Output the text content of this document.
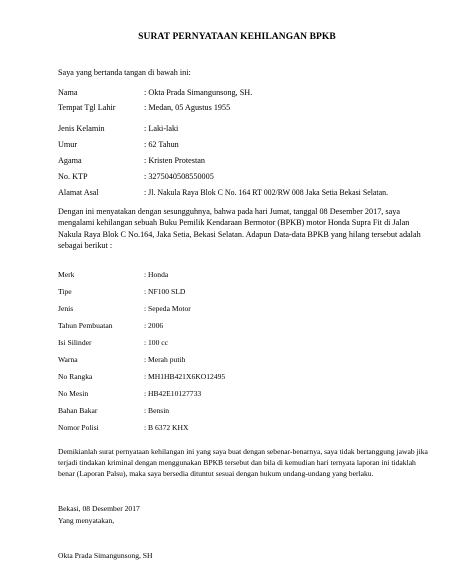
SURAT PERNYATAAN KEHILANGAN BPKB
Saya yang bertanda tangan di bawah ini:
Nama	: Okta Prada Simangunsong, SH.
Tempat Tgl Lahir	: Medan, 05 Agustus 1955
Jenis Kelamin	: Laki-laki
Umur	: 62 Tahun
Agama	: Kristen Protestan
No. KTP	: 3275040508550005
Alamat Asal	: Jl. Nakula Raya Blok C No. 164 RT 002/RW 008 Jaka Setia Bekasi Selatan.
Dengan ini menyatakan dengan sesungguhnya, bahwa pada hari Jumat, tanggal 08 Desember 2017, saya mengalami kehilangan sebuah Buku Pemilik Kendaraan Bermotor (BPKB) motor Honda Supra Fit di Jalan Nakula Raya Blok C No.164, Jaka Setia, Bekasi Selatan. Adapun Data-data BPKB yang hilang tersebut adalah sebagai berikut :
Merk	: Honda
Tipe	: NF100 SLD
Jenis	: Sepeda Motor
Tahun Pembuatan	: 2006
Isi Silinder	: 100 cc
Warna	: Merah putih
No Rangka	: MH1HB421X6KO12495
No Mesin	: HB42E10127733
Bahan Bakar	: Bensin
Nomor Polisi	: B 6372 KHX
Demikianlah surat pernyataan kehilangan ini yang saya buat dengan sebenar-benarnya, saya tidak bertanggung jawab jika terjadi tindakan kriminal dengan menggunakan BPKB tersebut dan bila di kemudian hari ternyata laporan ini tidaklah benar (Laporan Palsu), maka saya bersedia dituntut sesuai dengan hukum undang-undang yang berlaku.
Bekasi, 08 Desember 2017
Yang menyatakan,
Okta Prada Simangunsong, SH
